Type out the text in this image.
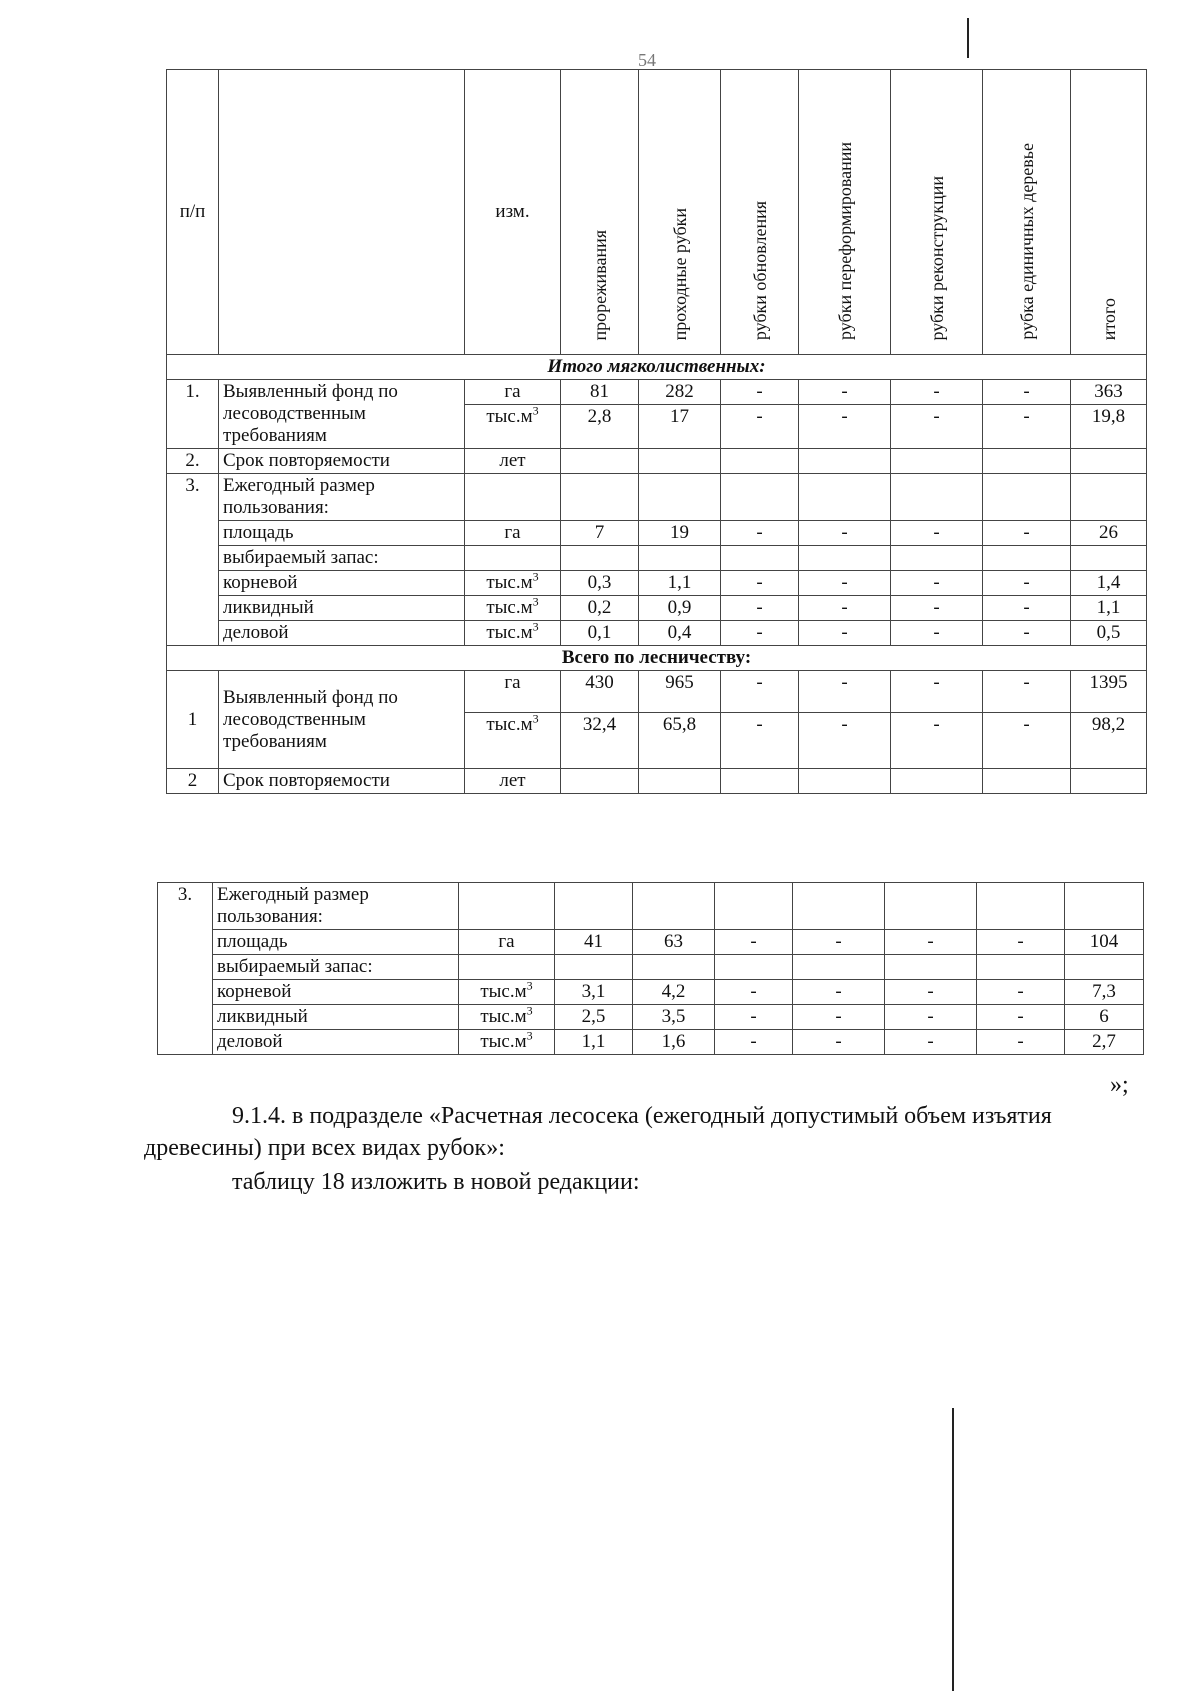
54
п/п		изм.	прореживания	проходные рубки	рубки обновления	рубки переформировании	рубки реконструкции	рубка единичных деревье	итого

Итого мягколиственных:									
1.	Выявленный фонд по лесоводственным требованиям	га	81	282	-	-	-	-	363
		$тыс.м^3$	2,8	17	-	-	-	-	19,8
2.	Срок повторяемости	лет							
3.	Ежегодный размер пользования:								
	площадь	га	7	19	-	-	-	-	26
	выбираемый запас:								
	корневой	$тыс.м^3$	0,3	1,1	-	-	-	-	1,4
	ликвидный	$тыс.м^3$	0,2	0,9	-	-	-	-	1,1
	деловой	$тыс.м^3$	0,1	0,4	-	-	-	-	0,5
Всего по лесничеству:									
1	Выявленный фонд по лесоводственным требованиям	га	430	965	-	-	-	-	1395
		$тыс.м^3$	32,4	65,8	-	-	-	-	98,2
2	Срок повторяемости	лет							
3.	Ежегодный размер пользования:								
	площадь	га	41	63	-	-	-	-	104
	выбираемый запас:								
	корневой	$тыс.м^3$	3,1	4,2	-	-	-	-	7,3
	ликвидный	$тыс.м^3$	2,5	3,5	-	-	-	-	6
	деловой	$тыс.м^3$	1,1	1,6	-	-	-	-	2,7
»;
9.1.4. в подразделе «Расчетная лесосека (ежегодный допустимый объем изъятия древесины) при всех видах рубок»:
таблицу 18 изложить в новой редакции:
